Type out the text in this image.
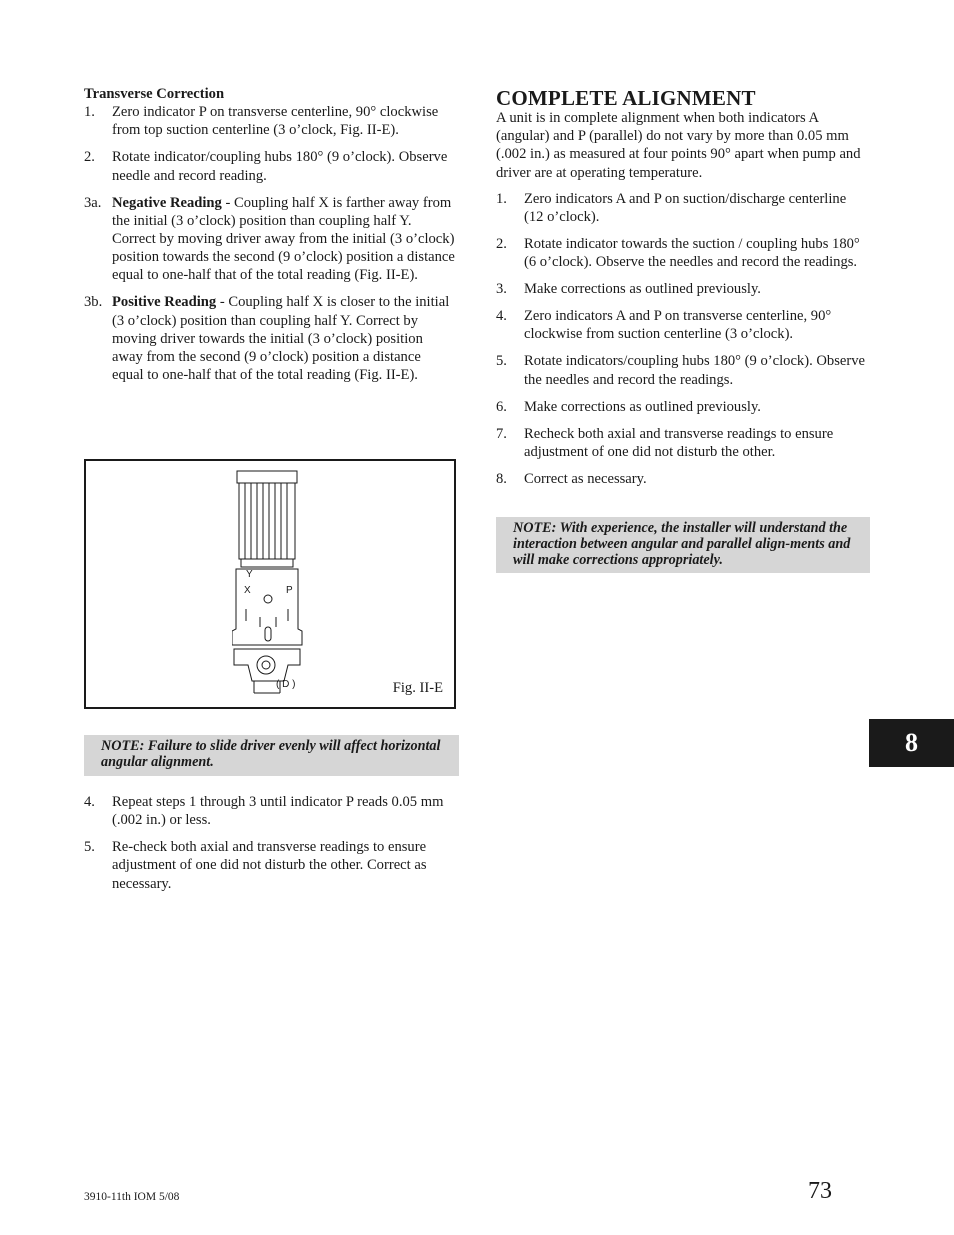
Transverse Correction

1. Zero indicator P on transverse centerline, 90° clockwise from top suction centerline (3 o’clock, Fig. II-E).
2. Rotate indicator/coupling hubs 180° (9 o’clock). Observe needle and record reading.
3a. Negative Reading - Coupling half X is farther away from the initial (3 o’clock) position than coupling half Y. Correct by moving driver away from the initial (3 o’clock) position towards the second (9 o’clock) position a distance equal to one-half that of the total reading (Fig. II-E).
3b. Positive Reading - Coupling half X is closer to the initial (3 o’clock) position than coupling half Y. Correct by moving driver towards the initial (3 o’clock) position away from the second (9 o’clock) position a distance equal to one-half that of the total reading (Fig. II-E).
Y
X	P
( D )	Fig. II-E
NOTE: Failure to slide driver evenly will affect horizontal angular alignment.
4. Repeat steps 1 through 3 until indicator P reads 0.05 mm (.002 in.) or less.
5. Re-check both axial and transverse readings to ensure adjustment of one did not disturb the other. Correct as necessary.
COMPLETE ALIGNMENT

A unit is in complete alignment when both indicators A (angular) and P (parallel) do not vary by more than 0.05 mm (.002 in.) as measured at four points 90° apart when pump and driver are at operating temperature.

1. Zero indicators A and P on suction/discharge centerline (12 o’clock).
2. Rotate indicator towards the suction / coupling hubs 180° (6 o’clock). Observe the needles and record the readings.
3. Make corrections as outlined previously.
4. Zero indicators A and P on transverse centerline, 90° clockwise from suction centerline (3 o’clock).
5. Rotate indicators/coupling hubs 180° (9 o’clock). Observe the needles and record the readings.
6. Make corrections as outlined previously.
7. Recheck both axial and transverse readings to ensure adjustment of one did not disturb the other.
8. Correct as necessary.
NOTE: With experience, the installer will understand the interaction between angular and parallel align-ments and will make corrections appropriately.
8
3910-11th IOM 5/08	73
